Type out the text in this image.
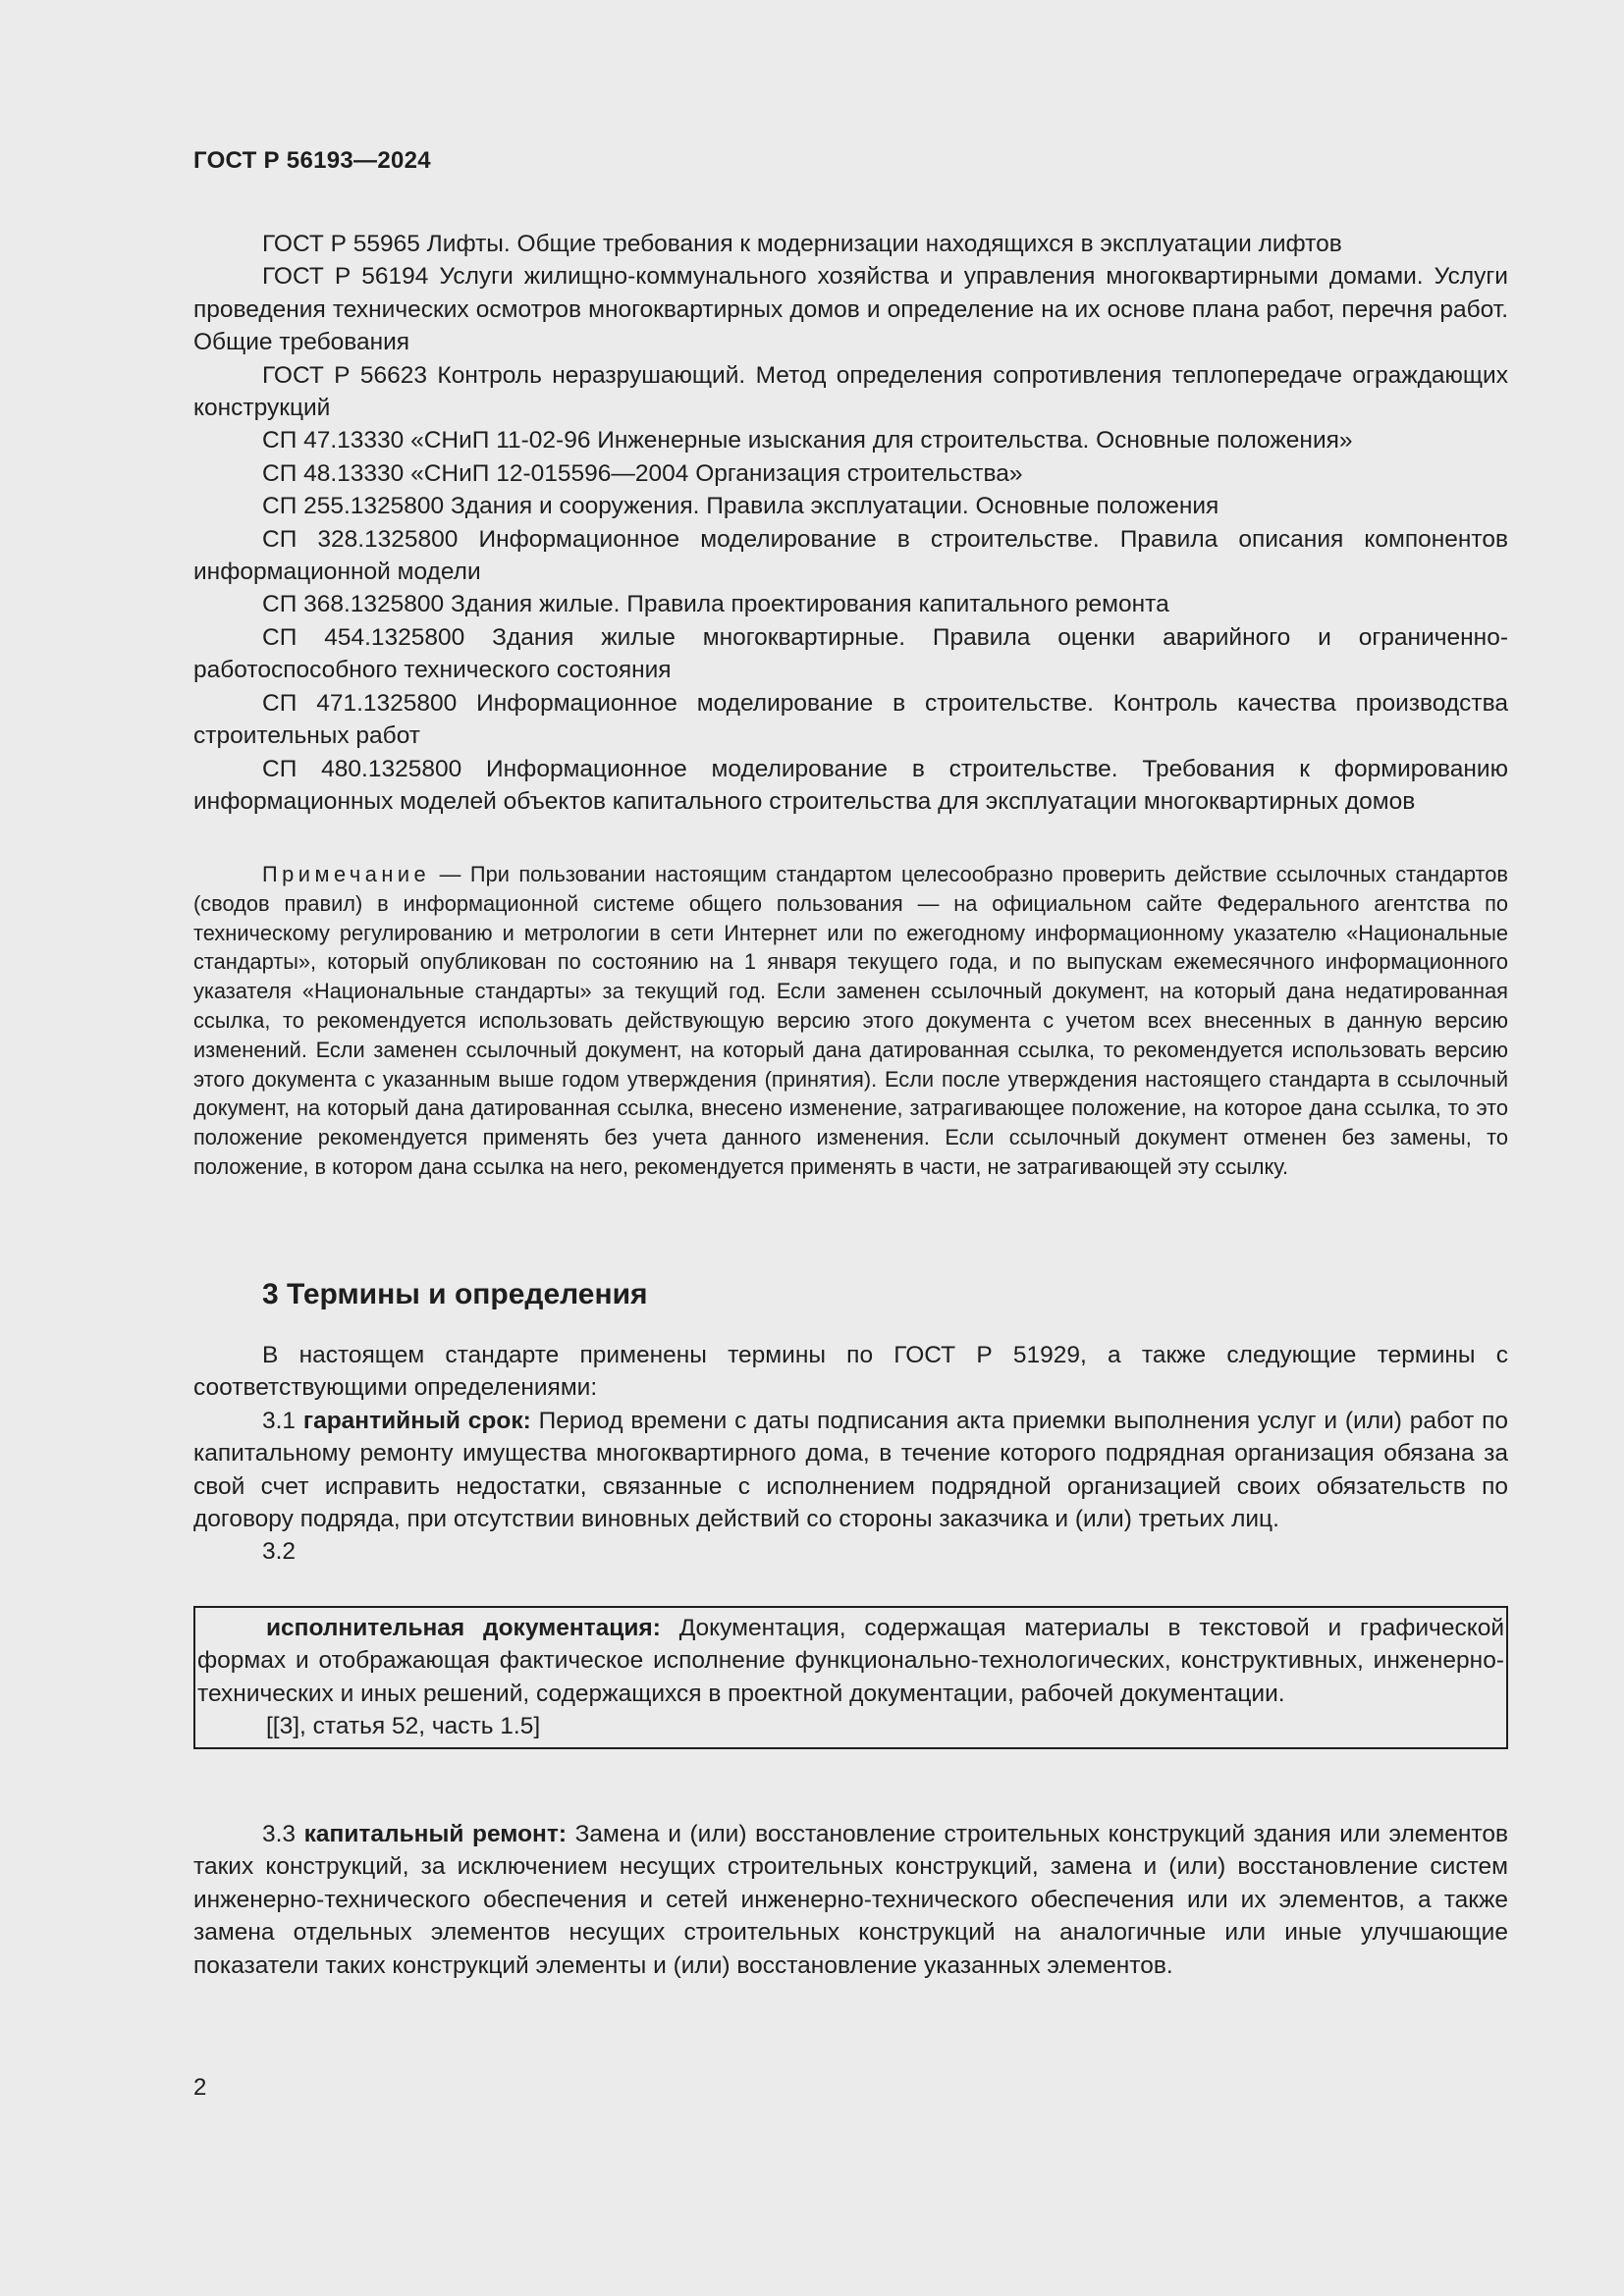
ГОСТ Р 56193—2024

ГОСТ Р 55965 Лифты. Общие требования к модернизации находящихся в эксплуатации лифтов

ГОСТ Р 56194 Услуги жилищно-коммунального хозяйства и управления многоквартирными домами. Услуги проведения технических осмотров многоквартирных домов и определение на их основе плана работ, перечня работ. Общие требования

ГОСТ Р 56623 Контроль неразрушающий. Метод определения сопротивления теплопередаче ограждающих конструкций

СП 47.13330 «СНиП 11-02-96 Инженерные изыскания для строительства. Основные положения»

СП 48.13330 «СНиП 12-015596—2004 Организация строительства»

СП 255.1325800 Здания и сооружения. Правила эксплуатации. Основные положения

СП 328.1325800 Информационное моделирование в строительстве. Правила описания компонентов информационной модели

СП 368.1325800 Здания жилые. Правила проектирования капитального ремонта

СП 454.1325800 Здания жилые многоквартирные. Правила оценки аварийного и ограниченно-работоспособного технического состояния

СП 471.1325800 Информационное моделирование в строительстве. Контроль качества производства строительных работ

СП 480.1325800 Информационное моделирование в строительстве. Требования к формированию информационных моделей объектов капитального строительства для эксплуатации многоквартирных домов

Примечание — При пользовании настоящим стандартом целесообразно проверить действие ссылочных стандартов (сводов правил) в информационной системе общего пользования — на официальном сайте Федерального агентства по техническому регулированию и метрологии в сети Интернет или по ежегодному информационному указателю «Национальные стандарты», который опубликован по состоянию на 1 января текущего года, и по выпускам ежемесячного информационного указателя «Национальные стандарты» за текущий год. Если заменен ссылочный документ, на который дана недатированная ссылка, то рекомендуется использовать действующую версию этого документа с учетом всех внесенных в данную версию изменений. Если заменен ссылочный документ, на который дана датированная ссылка, то рекомендуется использовать версию этого документа с указанным выше годом утверждения (принятия). Если после утверждения настоящего стандарта в ссылочный документ, на который дана датированная ссылка, внесено изменение, затрагивающее положение, на которое дана ссылка, то это положение рекомендуется применять без учета данного изменения. Если ссылочный документ отменен без замены, то положение, в котором дана ссылка на него, рекомендуется применять в части, не затрагивающей эту ссылку.

3 Термины и определения

В настоящем стандарте применены термины по ГОСТ Р 51929, а также следующие термины с соответствующими определениями:

3.1 гарантийный срок: Период времени с даты подписания акта приемки выполнения услуг и (или) работ по капитальному ремонту имущества многоквартирного дома, в течение которого подрядная организация обязана за свой счет исправить недостатки, связанные с исполнением подрядной организацией своих обязательств по договору подряда, при отсутствии виновных действий со стороны заказчика и (или) третьих лиц.

3.2

исполнительная документация: Документация, содержащая материалы в текстовой и графической формах и отображающая фактическое исполнение функционально-технологических, конструктивных, инженерно-технических и иных решений, содержащихся в проектной документации, рабочей документации.

[[3], статья 52, часть 1.5]

3.3 капитальный ремонт: Замена и (или) восстановление строительных конструкций здания или элементов таких конструкций, за исключением несущих строительных конструкций, замена и (или) восстановление систем инженерно-технического обеспечения и сетей инженерно-технического обеспечения или их элементов, а также замена отдельных элементов несущих строительных конструкций на аналогичные или иные улучшающие показатели таких конструкций элементы и (или) восстановление указанных элементов.

2
